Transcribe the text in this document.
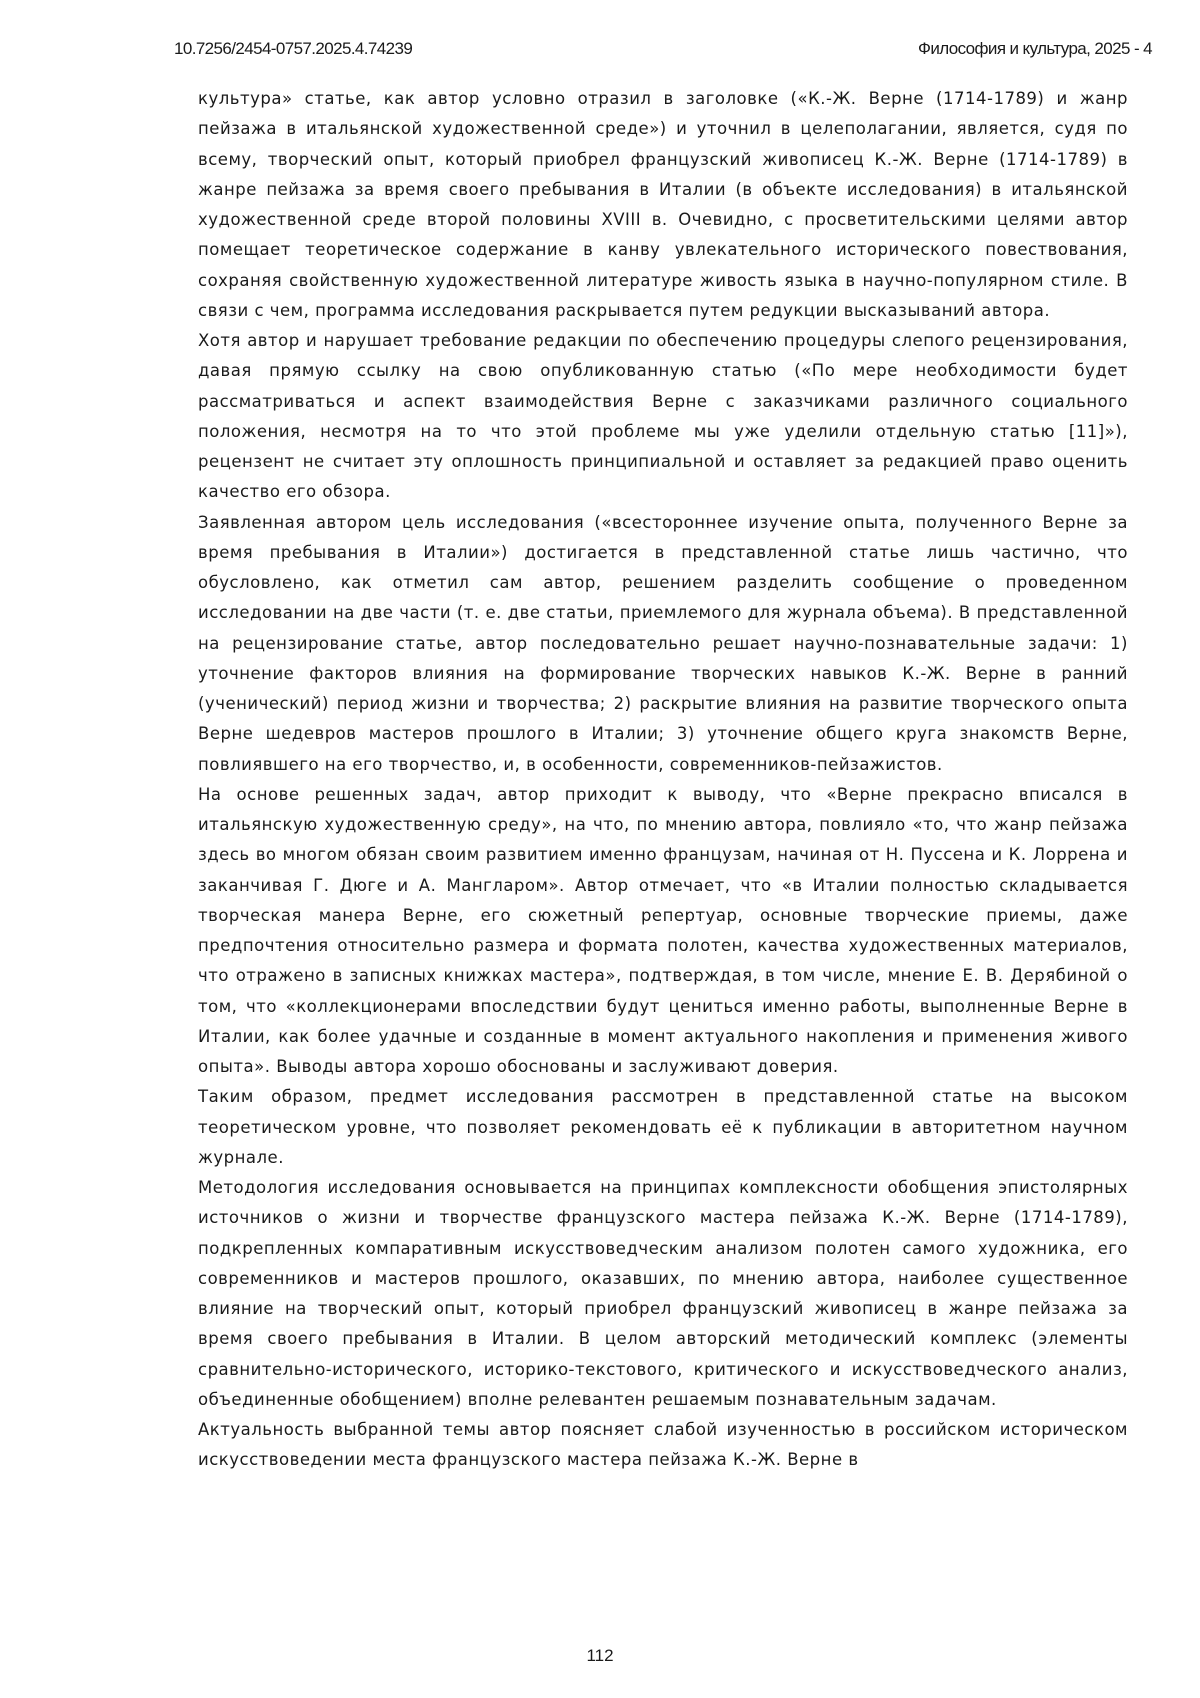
10.7256/2454-0757.2025.4.74239	Философия и культура, 2025 - 4

культура» статье, как автор условно отразил в заголовке («К.-Ж. Верне (1714-1789) и жанр пейзажа в итальянской художественной среде») и уточнил в целеполагании, является, судя по всему, творческий опыт, который приобрел французский живописец К.-Ж. Верне (1714-1789) в жанре пейзажа за время своего пребывания в Италии (в объекте исследования) в итальянской художественной среде второй половины XVIII в. Очевидно, с просветительскими целями автор помещает теоретическое содержание в канву увлекательного исторического повествования, сохраняя свойственную художественной литературе живость языка в научно-популярном стиле. В связи с чем, программа исследования раскрывается путем редукции высказываний автора.

Хотя автор и нарушает требование редакции по обеспечению процедуры слепого рецензирования, давая прямую ссылку на свою опубликованную статью («По мере необходимости будет рассматриваться и аспект взаимодействия Верне с заказчиками различного социального положения, несмотря на то что этой проблеме мы уже уделили отдельную статью [11]»), рецензент не считает эту оплошность принципиальной и оставляет за редакцией право оценить качество его обзора.

Заявленная автором цель исследования («всестороннее изучение опыта, полученного Верне за время пребывания в Италии») достигается в представленной статье лишь частично, что обусловлено, как отметил сам автор, решением разделить сообщение о проведенном исследовании на две части (т. е. две статьи, приемлемого для журнала объема). В представленной на рецензирование статье, автор последовательно решает научно-познавательные задачи: 1) уточнение факторов влияния на формирование творческих навыков К.-Ж. Верне в ранний (ученический) период жизни и творчества; 2) раскрытие влияния на развитие творческого опыта Верне шедевров мастеров прошлого в Италии; 3) уточнение общего круга знакомств Верне, повлиявшего на его творчество, и, в особенности, современников-пейзажистов.

На основе решенных задач, автор приходит к выводу, что «Верне прекрасно вписался в итальянскую художественную среду», на что, по мнению автора, повлияло «то, что жанр пейзажа здесь во многом обязан своим развитием именно французам, начиная от Н. Пуссена и К. Лоррена и заканчивая Г. Дюге и А. Мангларом». Автор отмечает, что «в Италии полностью складывается творческая манера Верне, его сюжетный репертуар, основные творческие приемы, даже предпочтения относительно размера и формата полотен, качества художественных материалов, что отражено в записных книжках мастера», подтверждая, в том числе, мнение Е. В. Дерябиной о том, что «коллекционерами впоследствии будут цениться именно работы, выполненные Верне в Италии, как более удачные и созданные в момент актуального накопления и применения живого опыта». Выводы автора хорошо обоснованы и заслуживают доверия.

Таким образом, предмет исследования рассмотрен в представленной статье на высоком теоретическом уровне, что позволяет рекомендовать её к публикации в авторитетном научном журнале.

Методология исследования основывается на принципах комплексности обобщения эпистолярных источников о жизни и творчестве французского мастера пейзажа К.-Ж. Верне (1714-1789), подкрепленных компаративным искусствоведческим анализом полотен самого художника, его современников и мастеров прошлого, оказавших, по мнению автора, наиболее существенное влияние на творческий опыт, который приобрел французский живописец в жанре пейзажа за время своего пребывания в Италии. В целом авторский методический комплекс (элементы сравнительно-исторического, историко-текстового, критического и искусствоведческого анализ, объединенные обобщением) вполне релевантен решаемым познавательным задачам.

Актуальность выбранной темы автор поясняет слабой изученностью в российском историческом искусствоведении места французского мастера пейзажа К.-Ж. Верне в

112
